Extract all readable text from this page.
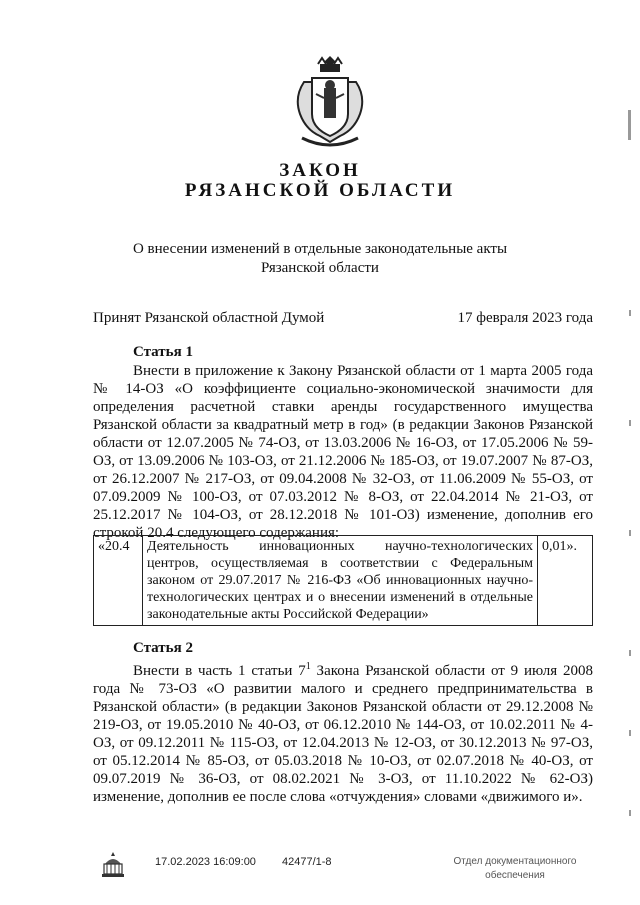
ЗАКОН
РЯЗАНСКОЙ ОБЛАСТИ
О внесении изменений в отдельные законодательные акты Рязанской области
Принят Рязанской областной Думой	17 февраля 2023 года
Статья 1

Внести в приложение к Закону Рязанской области от 1 марта 2005 года № 14-ОЗ «О коэффициенте социально-экономической значимости для определения расчетной ставки аренды государственного имущества Рязанской области за квадратный метр в год» (в редакции Законов Рязанской области от 12.07.2005 № 74-ОЗ, от 13.03.2006 № 16-ОЗ, от 17.05.2006 № 59-ОЗ, от 13.09.2006 № 103-ОЗ, от 21.12.2006 № 185-ОЗ, от 19.07.2007 № 87-ОЗ, от 26.12.2007 № 217-ОЗ, от 09.04.2008 № 32-ОЗ, от 11.06.2009 № 55-ОЗ, от 07.09.2009 № 100-ОЗ, от 07.03.2012 № 8-ОЗ, от 22.04.2014 № 21-ОЗ, от 25.12.2017 № 104-ОЗ, от 28.12.2018 № 101-ОЗ) изменение, дополнив его строкой 20.4 следующего содержания:

«20.4	Деятельность инновационных научно-технологических центров, осуществляемая в соответствии с Федеральным законом от 29.07.2017 № 216-ФЗ «Об инновационных научно-технологических центрах и о внесении изменений в отдельные законодательные акты Российской Федерации»	0,01».
Статья 2

Внести в часть 1 статьи $7^1$ Закона Рязанской области от 9 июля 2008 года № 73-ОЗ «О развитии малого и среднего предпринимательства в Рязанской области» (в редакции Законов Рязанской области от 29.12.2008 № 219-ОЗ, от 19.05.2010 № 40-ОЗ, от 06.12.2010 № 144-ОЗ, от 10.02.2011 № 4-ОЗ, от 09.12.2011 № 115-ОЗ, от 12.04.2013 № 12-ОЗ, от 30.12.2013 № 97-ОЗ, от 05.12.2014 № 85-ОЗ, от 05.03.2018 № 10-ОЗ, от 02.07.2018 № 40-ОЗ, от 09.07.2019 № 36-ОЗ, от 08.02.2021 № 3-ОЗ, от 11.10.2022 № 62-ОЗ) изменение, дополнив ее после слова «отчуждения» словами «движимого и».

17.02.2023 16:09:00 42477/1-8	Отдел документационного
обеспечения
